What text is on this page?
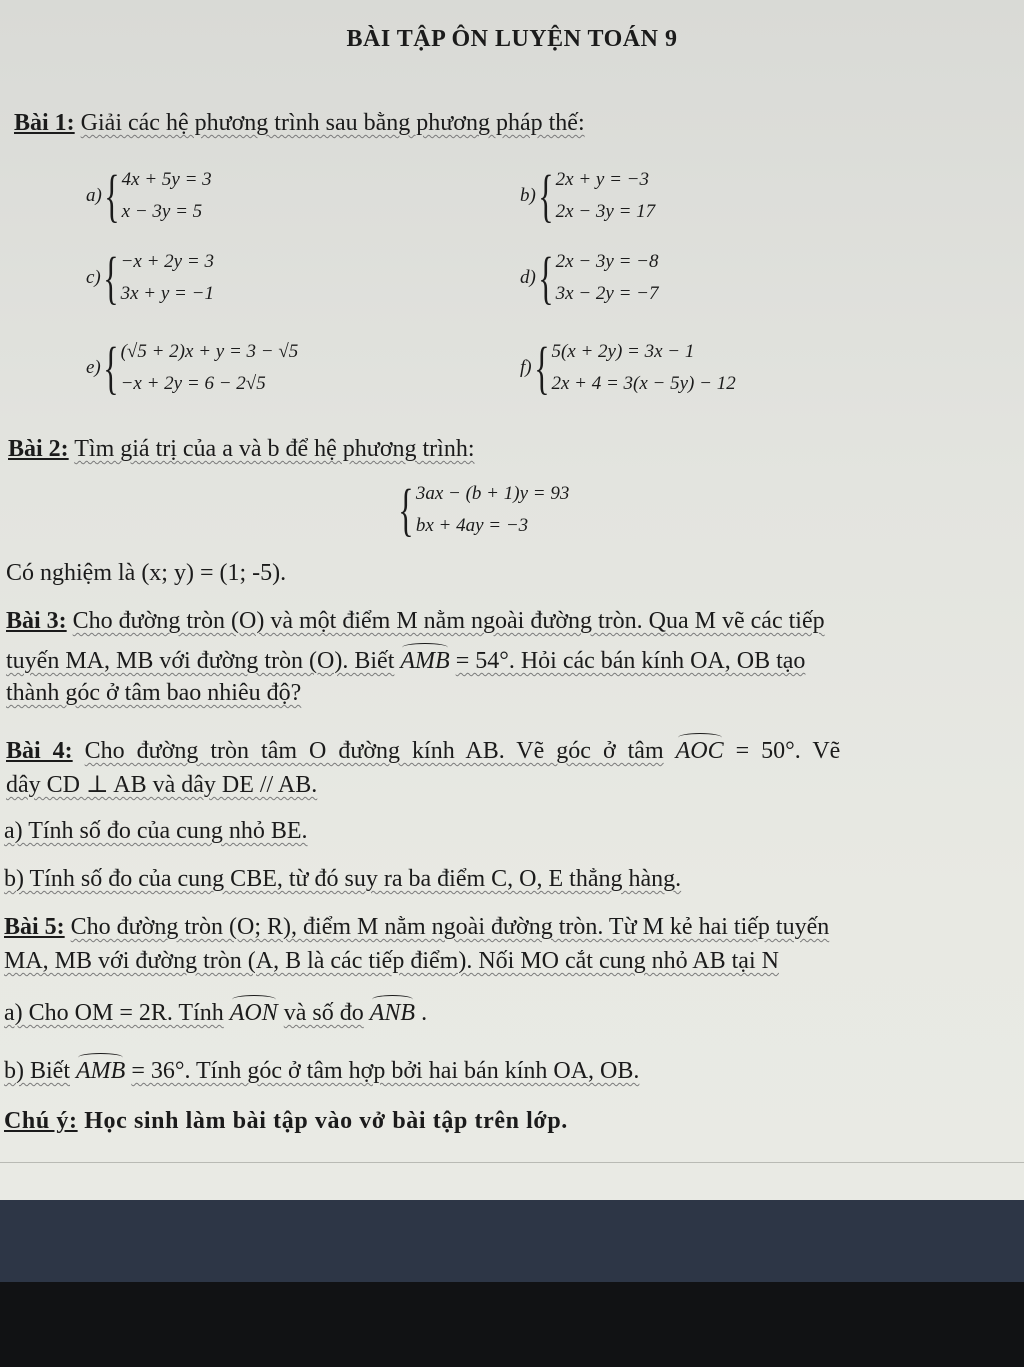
BÀI TẬP ÔN LUYỆN TOÁN 9
Bài 1: Giải các hệ phương trình sau bằng phương pháp thế:
a) { 4x + 5y = 3
x − 3y = 5
b) { 2x + y = −3
2x − 3y = 17
c) { −x + 2y = 3
3x + y = −1
d) { 2x − 3y = −8
3x − 2y = −7
e) { (√5 + 2)x + y = 3 − √5
−x + 2y = 6 − 2√5
f) { 5(x + 2y) = 3x − 1
2x + 4 = 3(x − 5y) − 12
Bài 2: Tìm giá trị của a và b để hệ phương trình:
{ 3ax − (b + 1)y = 93
bx + 4ay = −3
Có nghiệm là (x; y) = (1; -5).
Bài 3: Cho đường tròn (O) và một điểm M nằm ngoài đường tròn. Qua M vẽ các tiếp
tuyến MA, MB với đường tròn (O). Biết AMB = 54°. Hỏi các bán kính OA, OB tạo
thành góc ở tâm bao nhiêu độ?
Bài 4: Cho đường tròn tâm O đường kính AB. Vẽ góc ở tâm AOC = 50°. Vẽ
dây CD ⊥ AB và dây DE // AB.
a) Tính số đo của cung nhỏ BE.
b) Tính số đo của cung CBE, từ đó suy ra ba điểm C, O, E thẳng hàng.
Bài 5: Cho đường tròn (O; R), điểm M nằm ngoài đường tròn. Từ M kẻ hai tiếp tuyến
MA, MB với đường tròn (A, B là các tiếp điểm). Nối MO cắt cung nhỏ AB tại N
a) Cho OM = 2R. Tính AON và số đo ANB .
b) Biết AMB = 36°. Tính góc ở tâm hợp bởi hai bán kính OA, OB.
Chú ý: Học sinh làm bài tập vào vở bài tập trên lớp.
